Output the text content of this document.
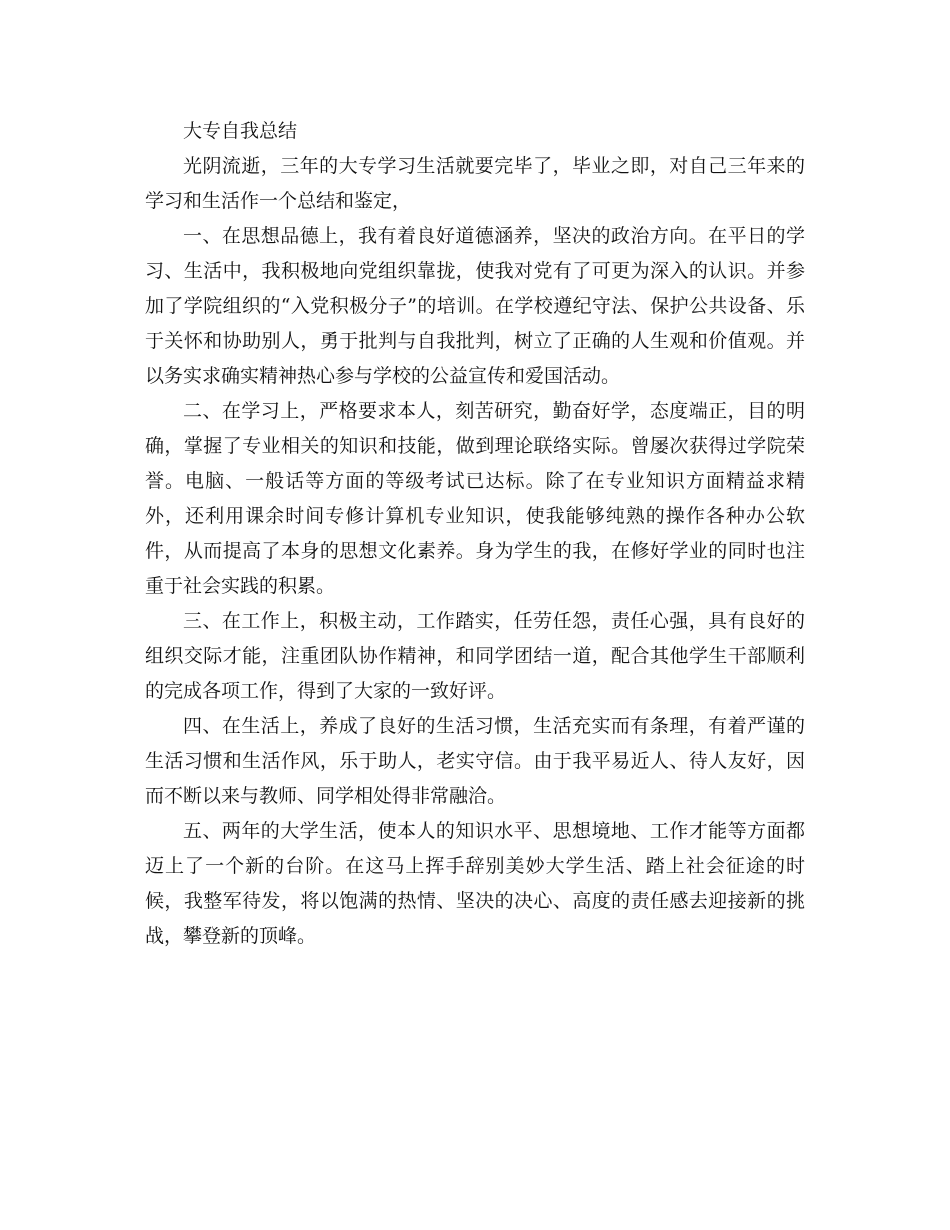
大专自我总结

光阴流逝，三年的大专学习生活就要完毕了，毕业之即，对自己三年来的学习和生活作一个总结和鉴定，

一、在思想品德上，我有着良好道德涵养，坚决的政治方向。在平日的学习、生活中，我积极地向党组织靠拢，使我对党有了可更为深入的认识。并参加了学院组织的“入党积极分子”的培训。在学校遵纪守法、保护公共设备、乐于关怀和协助别人，勇于批判与自我批判，树立了正确的人生观和价值观。并以务实求确实精神热心参与学校的公益宣传和爱国活动。

二、在学习上，严格要求本人，刻苦研究，勤奋好学，态度端正，目的明确，掌握了专业相关的知识和技能，做到理论联络实际。曾屡次获得过学院荣誉。电脑、一般话等方面的等级考试已达标。除了在专业知识方面精益求精外，还利用课余时间专修计算机专业知识，使我能够纯熟的操作各种办公软件，从而提高了本身的思想文化素养。身为学生的我，在修好学业的同时也注重于社会实践的积累。

三、在工作上，积极主动，工作踏实，任劳任怨，责任心强，具有良好的组织交际才能，注重团队协作精神，和同学团结一道，配合其他学生干部顺利的完成各项工作，得到了大家的一致好评。

四、在生活上，养成了良好的生活习惯，生活充实而有条理，有着严谨的生活习惯和生活作风，乐于助人，老实守信。由于我平易近人、待人友好，因而不断以来与教师、同学相处得非常融洽。

五、两年的大学生活，使本人的知识水平、思想境地、工作才能等方面都迈上了一个新的台阶。在这马上挥手辞别美妙大学生活、踏上社会征途的时候，我整军待发，将以饱满的热情、坚决的决心、高度的责任感去迎接新的挑战，攀登新的顶峰。
